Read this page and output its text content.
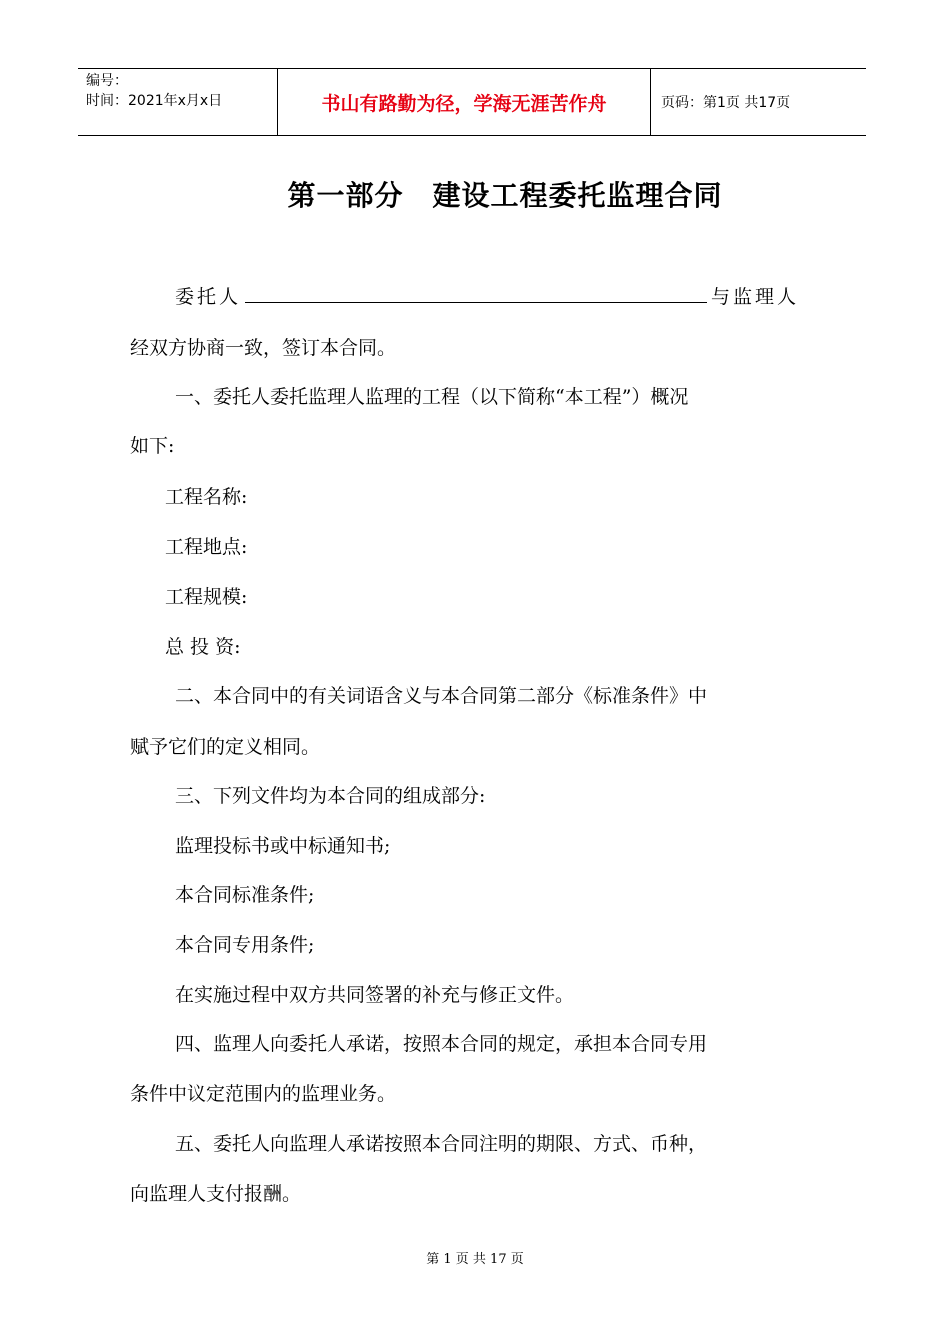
编号：
时间：2021年x月x日	书山有路勤为径，学海无涯苦作舟	页码：第1页 共17页
第一部分　建设工程委托监理合同
委托人	与监理人
经双方协商一致，签订本合同。
一、委托人委托监理人监理的工程（以下简称“本工程”）概况
如下:
工程名称:
工程地点:
工程规模:
总 投 资:
二、本合同中的有关词语含义与本合同第二部分《标准条件》中
赋予它们的定义相同。
三、下列文件均为本合同的组成部分:
监理投标书或中标通知书;
本合同标准条件;
本合同专用条件;
在实施过程中双方共同签署的补充与修正文件。
四、监理人向委托人承诺，按照本合同的规定，承担本合同专用
条件中议定范围内的监理业务。
五、委托人向监理人承诺按照本合同注明的期限、方式、币种，
向监理人支付报酬。
第 1 页 共 17 页
